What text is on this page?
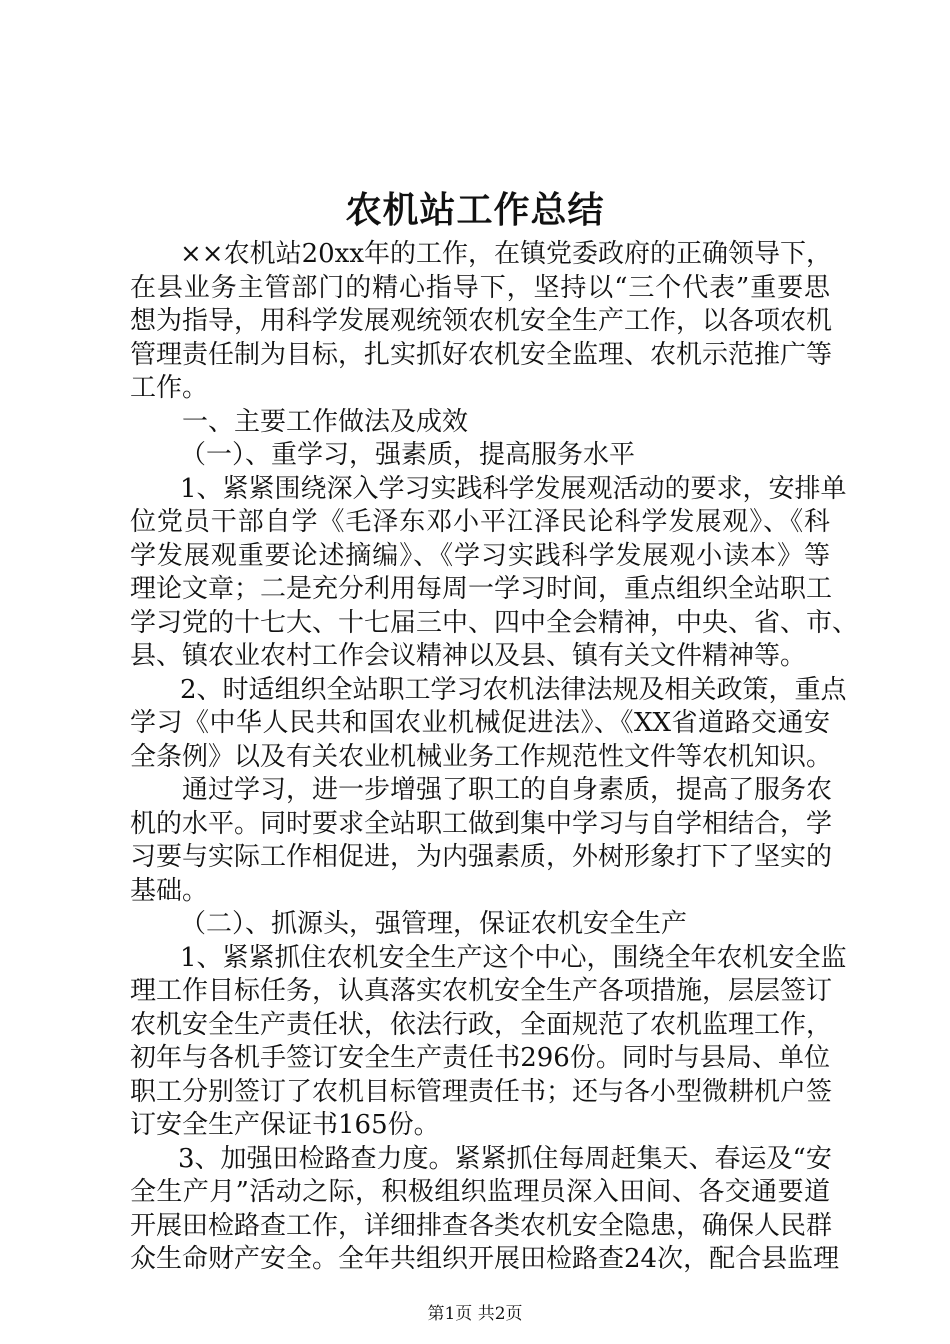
农机站工作总结
××农机站20xx年的工作，在镇党委政府的正确领导下，
在县业务主管部门的精心指导下，坚持以“三个代表”重要思
想为指导，用科学发展观统领农机安全生产工作，以各项农机
管理责任制为目标，扎实抓好农机安全监理、农机示范推广等
工作。
一、主要工作做法及成效
（一）、重学习，强素质，提高服务水平
1、紧紧围绕深入学习实践科学发展观活动的要求，安排单
位党员干部自学《毛泽东邓小平江泽民论科学发展观》、《科
学发展观重要论述摘编》、《学习实践科学发展观小读本》等
理论文章；二是充分利用每周一学习时间，重点组织全站职工
学习党的十七大、十七届三中、四中全会精神，中央、省、市、
县、镇农业农村工作会议精神以及县、镇有关文件精神等。
2、时适组织全站职工学习农机法律法规及相关政策，重点
学习《中华人民共和国农业机械促进法》、《XX省道路交通安
全条例》以及有关农业机械业务工作规范性文件等农机知识。
通过学习，进一步增强了职工的自身素质，提高了服务农
机的水平。同时要求全站职工做到集中学习与自学相结合，学
习要与实际工作相促进，为内强素质，外树形象打下了坚实的
基础。
（二）、抓源头，强管理，保证农机安全生产
1、紧紧抓住农机安全生产这个中心，围绕全年农机安全监
理工作目标任务，认真落实农机安全生产各项措施，层层签订
农机安全生产责任状，依法行政，全面规范了农机监理工作，
初年与各机手签订安全生产责任书296份。同时与县局、单位
职工分别签订了农机目标管理责任书；还与各小型微耕机户签
订安全生产保证书165份。
3、加强田检路查力度。紧紧抓住每周赶集天、春运及“安
全生产月”活动之际，积极组织监理员深入田间、各交通要道
开展田检路查工作，详细排查各类农机安全隐患，确保人民群
众生命财产安全。全年共组织开展田检路查24次，配合县监理
第1页 共2页
